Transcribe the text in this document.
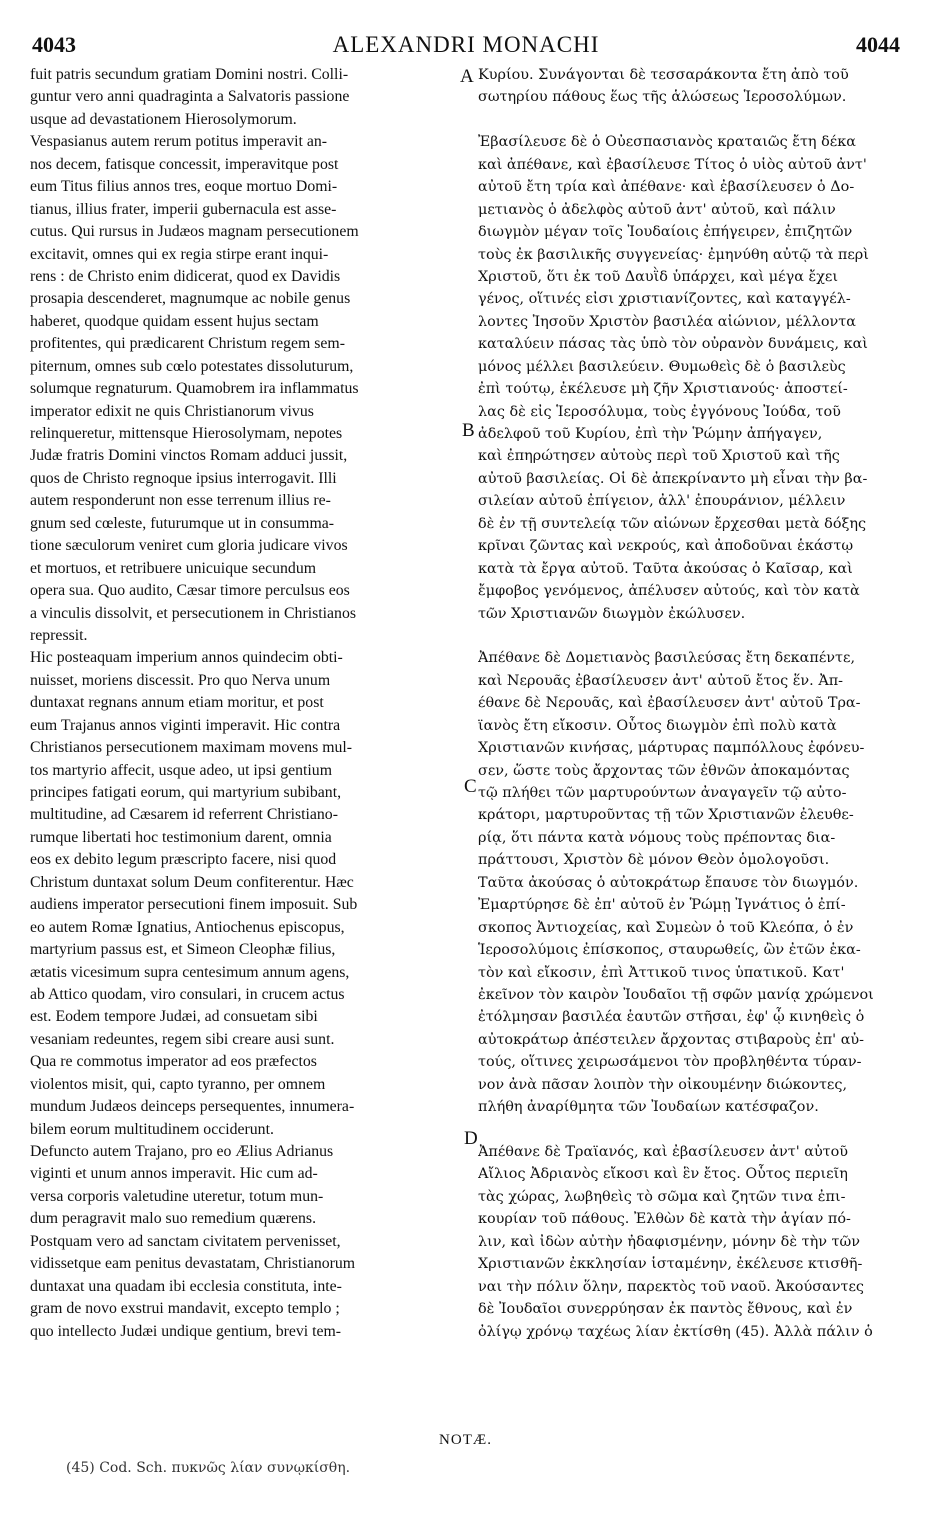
4043	ALEXANDRI MONACHI	4044
fuit patris secundum gratiam Domini nostri. Colli-
guntur vero anni quadraginta a Salvatoris passione
usque ad devastationem Hierosolymorum.
Vespasianus autem rerum potitus imperavit an-
nos decem, fatisque concessit, imperavitque post
eum Titus filius annos tres, eoque mortuo Domi-
tianus, illius frater, imperii gubernacula est asse-
cutus. Qui rursus in Judæos magnam persecutionem
excitavit, omnes qui ex regia stirpe erant inqui-
rens : de Christo enim didicerat, quod ex Davidis
prosapia descenderet, magnumque ac nobile genus
haberet, quodque quidam essent hujus sectam
profitentes, qui prædicarent Christum regem sem-
piternum, omnes sub cœlo potestates dissoluturum,
solumque regnaturum. Quamobrem ira inflammatus
imperator edixit ne quis Christianorum vivus
relinqueretur, mittensque Hierosolymam, nepotes
Judæ fratris Domini vinctos Romam adduci jussit,
quos de Christo regnoque ipsius interrogavit. Illi
autem responderunt non esse terrenum illius re-
gnum sed cœleste, futurumque ut in consumma-
tione sæculorum veniret cum gloria judicare vivos
et mortuos, et retribuere unicuique secundum
opera sua. Quo audito, Cæsar timore perculsus eos
a vinculis dissolvit, et persecutionem in Christianos
repressit.
Hic posteaquam imperium annos quindecim obti-
nuisset, moriens discessit. Pro quo Nerva unum
duntaxat regnans annum etiam moritur, et post
eum Trajanus annos viginti imperavit. Hic contra
Christianos persecutionem maximam movens mul-
tos martyrio affecit, usque adeo, ut ipsi gentium
principes fatigati eorum, qui martyrium subibant,
multitudine, ad Cæsarem id referrent Christiano-
rumque libertati hoc testimonium darent, omnia
eos ex debito legum præscripto facere, nisi quod
Christum duntaxat solum Deum confiterentur. Hæc
audiens imperator persecutioni finem imposuit. Sub
eo autem Romæ Ignatius, Antiochenus episcopus,
martyrium passus est, et Simeon Cleophæ filius,
ætatis vicesimum supra centesimum annum agens,
ab Attico quodam, viro consulari, in crucem actus
est. Eodem tempore Judæi, ad consuetam sibi
vesaniam redeuntes, regem sibi creare ausi sunt.
Qua re commotus imperator ad eos præfectos
violentos misit, qui, capto tyranno, per omnem
mundum Judæos deinceps persequentes, innumera-
bilem eorum multitudinem occiderunt.
Defuncto autem Trajano, pro eo Ælius Adrianus
viginti et unum annos imperavit. Hic cum ad-
versa corporis valetudine uteretur, totum mun-
dum peragravit malo suo remedium quærens.
Postquam vero ad sanctam civitatem pervenisset,
vidissetque eam penitus devastatam, Christianorum
duntaxat una quadam ibi ecclesia constituta, inte-
gram de novo exstrui mandavit, excepto templo ;
quo intellecto Judæi undique gentium, brevi tem-
Κυρίου. Συνάγονται δὲ τεσσαράκοντα ἔτη ἀπὸ τοῦ
σωτηρίου πάθους ἕως τῆς ἁλώσεως Ἱεροσολύμων.
Ἐβασίλευσε δὲ ὁ Οὐεσπασιανὸς κραταιῶς ἔτη δέκα
καὶ ἀπέθανε, καὶ ἐβασίλευσε Τίτος ὁ υἱὸς αὐτοῦ ἀντ'
αὐτοῦ ἔτη τρία καὶ ἀπέθανε· καὶ ἐβασίλευσεν ὁ Δο-
μετιανὸς ὁ ἀδελφὸς αὐτοῦ ἀντ' αὐτοῦ, καὶ πάλιν
διωγμὸν μέγαν τοῖς Ἰουδαίοις ἐπήγειρεν, ἐπιζητῶν
τοὺς ἐκ βασιλικῆς συγγενείας· ἐμηνύθη αὐτῷ τὰ περὶ
Χριστοῦ, ὅτι ἐκ τοῦ Δαυῒδ ὑπάρχει, καὶ μέγα ἔχει
γένος, οἵτινές εἰσι χριστιανίζοντες, καὶ καταγγέλ-
λοντες Ἰησοῦν Χριστὸν βασιλέα αἰώνιον, μέλλοντα
καταλύειν πάσας τὰς ὑπὸ τὸν οὐρανὸν δυνάμεις, καὶ
μόνος μέλλει βασιλεύειν. Θυμωθεὶς δὲ ὁ βασιλεὺς
ἐπὶ τούτῳ, ἐκέλευσε μὴ ζῆν Χριστιανούς· ἀποστεί-
λας δὲ εἰς Ἱεροσόλυμα, τοὺς ἐγγόνους Ἰούδα, τοῦ
ἀδελφοῦ τοῦ Κυρίου, ἐπὶ τὴν Ῥώμην ἀπήγαγεν,
καὶ ἐπηρώτησεν αὐτοὺς περὶ τοῦ Χριστοῦ καὶ τῆς
αὐτοῦ βασιλείας. Οἱ δὲ ἀπεκρίναντο μὴ εἶναι τὴν βα-
σιλείαν αὐτοῦ ἐπίγειον, ἀλλ' ἐπουράνιον, μέλλειν
δὲ ἐν τῇ συντελείᾳ τῶν αἰώνων ἔρχεσθαι μετὰ δόξης
κρῖναι ζῶντας καὶ νεκρούς, καὶ ἀποδοῦναι ἑκάστῳ
κατὰ τὰ ἔργα αὐτοῦ. Ταῦτα ἀκούσας ὁ Καῖσαρ, καὶ
ἔμφοβος γενόμενος, ἀπέλυσεν αὐτούς, καὶ τὸν κατὰ
τῶν Χριστιανῶν διωγμὸν ἐκώλυσεν.
Ἀπέθανε δὲ Δομετιανὸς βασιλεύσας ἔτη δεκαπέντε,
καὶ Νερουᾶς ἐβασίλευσεν ἀντ' αὐτοῦ ἔτος ἕν. Ἀπ-
έθανε δὲ Νερουᾶς, καὶ ἐβασίλευσεν ἀντ' αὐτοῦ Τρα-
ϊανὸς ἔτη εἴκοσιν. Οὗτος διωγμὸν ἐπὶ πολὺ κατὰ
Χριστιανῶν κινήσας, μάρτυρας παμπόλλους ἐφόνευ-
σεν, ὥστε τοὺς ἄρχοντας τῶν ἐθνῶν ἀποκαμόντας
τῷ πλήθει τῶν μαρτυρούντων ἀναγαγεῖν τῷ αὐτο-
κράτορι, μαρτυροῦντας τῇ τῶν Χριστιανῶν ἐλευθε-
ρίᾳ, ὅτι πάντα κατὰ νόμους τοὺς πρέποντας δια-
πράττουσι, Χριστὸν δὲ μόνον Θεὸν ὁμολογοῦσι.
Ταῦτα ἀκούσας ὁ αὐτοκράτωρ ἔπαυσε τὸν διωγμόν.
Ἐμαρτύρησε δὲ ἐπ' αὐτοῦ ἐν Ῥώμῃ Ἰγνάτιος ὁ ἐπί-
σκοπος Ἀντιοχείας, καὶ Συμεὼν ὁ τοῦ Κλεόπα, ὁ ἐν
Ἱεροσολύμοις ἐπίσκοπος, σταυρωθείς, ὢν ἐτῶν ἑκα-
τὸν καὶ εἴκοσιν, ἐπὶ Ἀττικοῦ τινος ὑπατικοῦ. Κατ'
ἐκεῖνον τὸν καιρὸν Ἰουδαῖοι τῇ σφῶν μανίᾳ χρώμενοι
ἐτόλμησαν βασιλέα ἑαυτῶν στῆσαι, ἐφ' ᾧ κινηθεὶς ὁ
αὐτοκράτωρ ἀπέστειλεν ἄρχοντας στιβαροὺς ἐπ' αὐ-
τούς, οἵτινες χειρωσάμενοι τὸν προβληθέντα τύραν-
νον ἀνὰ πᾶσαν λοιπὸν τὴν οἰκουμένην διώκοντες,
πλήθη ἀναρίθμητα τῶν Ἰουδαίων κατέσφαζον.
Ἀπέθανε δὲ Τραϊανός, καὶ ἐβασίλευσεν ἀντ' αὐτοῦ
Αἴλιος Ἀδριανὸς εἴκοσι καὶ ἓν ἔτος. Οὗτος περιεῖη
τὰς χώρας, λωβηθεὶς τὸ σῶμα καὶ ζητῶν τινα ἐπι-
κουρίαν τοῦ πάθους. Ἐλθὼν δὲ κατὰ τὴν ἁγίαν πό-
λιν, καὶ ἰδὼν αὐτὴν ἠδαφισμένην, μόνην δὲ τὴν τῶν
Χριστιανῶν ἐκκλησίαν ἱσταμένην, ἐκέλευσε κτισθῆ-
ναι τὴν πόλιν ὅλην, παρεκτὸς τοῦ ναοῦ. Ἀκούσαντες
δὲ Ἰουδαῖοι συνερρύησαν ἐκ παντὸς ἔθνους, καὶ ἐν
ὀλίγῳ χρόνῳ ταχέως λίαν ἐκτίσθη (45). Ἀλλὰ πάλιν ὁ
A
B
C
D
NOTÆ.
(45) Cod. Sch. πυκνῶς λίαν συνῳκίσθη.
